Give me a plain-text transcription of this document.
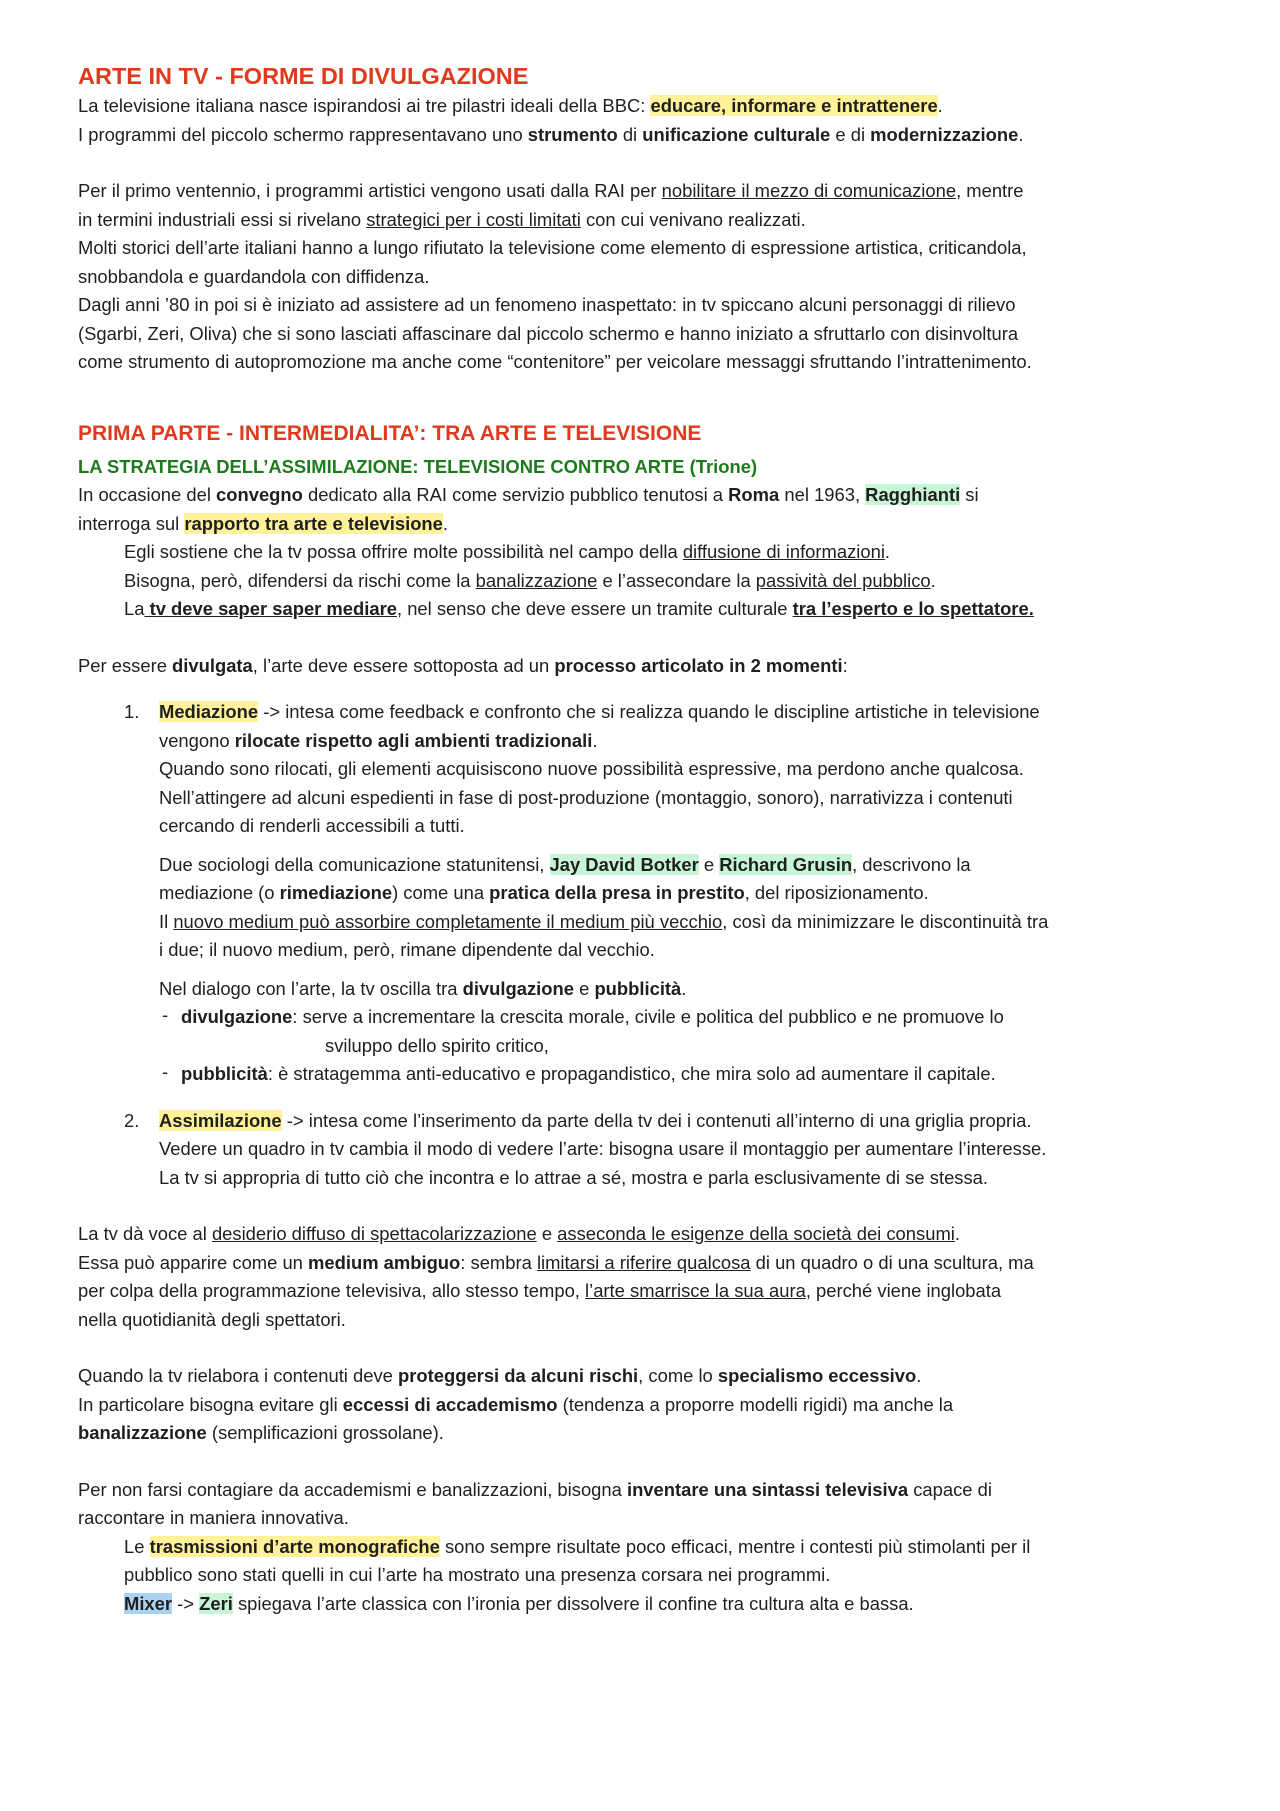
ARTE IN TV - FORME DI DIVULGAZIONE

La televisione italiana nasce ispirandosi ai tre pilastri ideali della BBC: educare, informare e intrattenere.

I programmi del piccolo schermo rappresentavano uno strumento di unificazione culturale e di modernizzazione.

Per il primo ventennio, i programmi artistici vengono usati dalla RAI per nobilitare il mezzo di comunicazione, mentre

in termini industriali essi si rivelano strategici per i costi limitati con cui venivano realizzati.

Molti storici dell’arte italiani hanno a lungo rifiutato la televisione come elemento di espressione artistica, criticandola,

snobbandola e guardandola con diffidenza.

Dagli anni ’80 in poi si è iniziato ad assistere ad un fenomeno inaspettato: in tv spiccano alcuni personaggi di rilievo

(Sgarbi, Zeri, Oliva) che si sono lasciati affascinare dal piccolo schermo e hanno iniziato a sfruttarlo con disinvoltura

come strumento di autopromozione ma anche come “contenitore” per veicolare messaggi sfruttando l’intrattenimento.

PRIMA PARTE - INTERMEDIALITA’: TRA ARTE E TELEVISIONE
LA STRATEGIA DELL’ASSIMILAZIONE: TELEVISIONE CONTRO ARTE (Trione)

In occasione del convegno dedicato alla RAI come servizio pubblico tenutosi a Roma nel 1963, Ragghianti si

interroga sul rapporto tra arte e televisione.

Egli sostiene che la tv possa offrire molte possibilità nel campo della diffusione di informazioni.

Bisogna, però, difendersi da rischi come la banalizzazione e l’assecondare la passività del pubblico.

La tv deve saper saper mediare, nel senso che deve essere un tramite culturale tra l’esperto e lo spettatore.

Per essere divulgata, l’arte deve essere sottoposta ad un processo articolato in 2 momenti:

1. Mediazione -> intesa come feedback e confronto che si realizza quando le discipline artistiche in televisione

vengono rilocate rispetto agli ambienti tradizionali.

Quando sono rilocati, gli elementi acquisiscono nuove possibilità espressive, ma perdono anche qualcosa.

Nell’attingere ad alcuni espedienti in fase di post-produzione (montaggio, sonoro), narrativizza i contenuti

cercando di renderli accessibili a tutti.

Due sociologi della comunicazione statunitensi, Jay David Botker e Richard Grusin, descrivono la

mediazione (o rimediazione) come una pratica della presa in prestito, del riposizionamento.

Il nuovo medium può assorbire completamente il medium più vecchio, così da minimizzare le discontinuità tra

i due; il nuovo medium, però, rimane dipendente dal vecchio.

Nel dialogo con l’arte, la tv oscilla tra divulgazione e pubblicità.

- divulgazione: serve a incrementare la crescita morale, civile e politica del pubblico e ne promuove lo

sviluppo dello spirito critico,

- pubblicità: è stratagemma anti-educativo e propagandistico, che mira solo ad aumentare il capitale.

2. Assimilazione -> intesa come l’inserimento da parte della tv dei i contenuti all’interno di una griglia propria.

Vedere un quadro in tv cambia il modo di vedere l’arte: bisogna usare il montaggio per aumentare l’interesse.

La tv si appropria di tutto ciò che incontra e lo attrae a sé, mostra e parla esclusivamente di se stessa.

La tv dà voce al desiderio diffuso di spettacolarizzazione e asseconda le esigenze della società dei consumi.

Essa può apparire come un medium ambiguo: sembra limitarsi a riferire qualcosa di un quadro o di una scultura, ma

per colpa della programmazione televisiva, allo stesso tempo, l’arte smarrisce la sua aura, perché viene inglobata

nella quotidianità degli spettatori.

Quando la tv rielabora i contenuti deve proteggersi da alcuni rischi, come lo specialismo eccessivo.

In particolare bisogna evitare gli eccessi di accademismo (tendenza a proporre modelli rigidi) ma anche la

banalizzazione (semplificazioni grossolane).

Per non farsi contagiare da accademismi e banalizzazioni, bisogna inventare una sintassi televisiva capace di

raccontare in maniera innovativa.

Le trasmissioni d’arte monografiche sono sempre risultate poco efficaci, mentre i contesti più stimolanti per il

pubblico sono stati quelli in cui l’arte ha mostrato una presenza corsara nei programmi.

Mixer -> Zeri spiegava l’arte classica con l’ironia per dissolvere il confine tra cultura alta e bassa.
